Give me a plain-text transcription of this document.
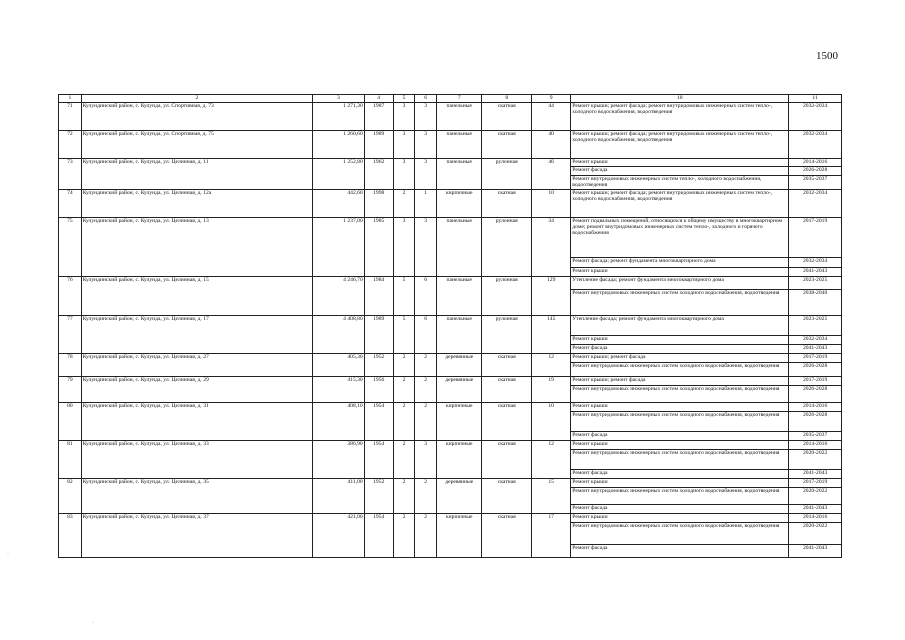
1500
1	2	3	4	5	6	7	8	9	10	11
71	Кулундинский район, с. Кулунда, ул. Спортивная, д. 73	1 271,30	1987	3	3	панельные	скатная	44	Ремонт крыши; ремонт фасада; ремонт внутридомовых инженерных систем тепло-, холодного водоснабжения, водоотведения	2032-2034
72	Кулундинский район, с. Кулунда, ул. Спортивная, д. 75	1 260,60	1989	3	3	панельные	скатная	40	Ремонт крыши; ремонт фасада; ремонт внутридомовых инженерных систем тепло-, холодного водоснабжения, водоотведения	2032-2034
73	Кулундинский район, с. Кулунда, ул. Целинная, д. 11	1 252,80	1962	3	3	панельные	рулонная	46	Ремонт крыши	2014-2016
									Ремонт фасада	2026-2028
									Ремонт внутридомовых инженерных систем тепло-, холодного водоснабжения, водоотведения	2035-2037
74	Кулундинский район, с. Кулунда, ул. Целинная, д. 12а	442,60	1998	2	1	кирпичные	скатная	10	Ремонт крыши; ремонт фасада; ремонт внутридомовых инженерных систем тепло-, холодного водоснабжения, водоотведения	2032-2034
75	Кулундинский район, с. Кулунда, ул. Целинная, д. 13	1 237,00	1985	3	3	панельные	рулонная	34	Ремонт подвальных помещений, относящихся к общему имуществу в многоквартирном доме; ремонт внутридомовых инженерных систем тепло-, холодного и горячего водоснабжения	2017-2019
									Ремонт фасада; ремонт фундамента многоквартирного дома	2032-2034
									Ремонт крыши	2041-2043
76	Кулундинский район, с. Кулунда, ул. Целинная, д. 15	4 246,70	1984	5	6	панельные	рулонная	129	Утепление фасада; ремонт фундамента многоквартирного дома	2023-2025
									Ремонт внутридомовых инженерных систем холодного водоснабжения, водоотведения	2038-2040
77	Кулундинский район, с. Кулунда, ул. Целинная, д. 17	4 408,80	1989	5	6	панельные	рулонная	145	Утепление фасада; ремонт фундамента многоквартирного дома	2023-2025
									Ремонт крыши	2032-2034
									Ремонт фасада	2041-2043
78	Кулундинский район, с. Кулунда, ул. Целинная, д. 27	405,30	1952	2	2	деревянные	скатная	12	Ремонт крыши; ремонт фасада	2017-2019
									Ремонт внутридомовых инженерных систем холодного водоснабжения, водоотведения	2026-2028
79	Кулундинский район, с. Кулунда, ул. Целинная, д. 29	415,30	1956	2	2	деревянные	скатная	19	Ремонт крыши; ремонт фасада	2017-2019
									Ремонт внутридомовых инженерных систем холодного водоснабжения, водоотведения	2026-2028
80	Кулундинский район, с. Кулунда, ул. Целинная, д. 31	408,10	1954	2	2	кирпичные	скатная	10	Ремонт крыши	2014-2016
									Ремонт внутридомовых инженерных систем холодного водоснабжения, водоотведения	2026-2028
									Ремонт фасада	2035-2037
81	Кулундинский район, с. Кулунда, ул. Целинная, д. 33	386,90	1954	2	3	кирпичные	скатная	12	Ремонт крыши	2014-2016
									Ремонт внутридомовых инженерных систем холодного водоснабжения, водоотведения	2020-2022
									Ремонт фасада	2041-2043
82	Кулундинский район, с. Кулунда, ул. Целинная, д. 35	411,00	1952	2	2	деревянные	скатная	15	Ремонт крыши	2017-2019
									Ремонт внутридомовых инженерных систем холодного водоснабжения, водоотведения	2020-2022
									Ремонт фасада	2041-2043
83	Кулундинский район, с. Кулунда, ул. Целинная, д. 37	421,00	1954	2	2	кирпичные	скатная	17	Ремонт крыши	2014-2016
									Ремонт внутридомовых инженерных систем холодного водоснабжения, водоотведения	2020-2022
									Ремонт фасада	2041-2043
·
·
